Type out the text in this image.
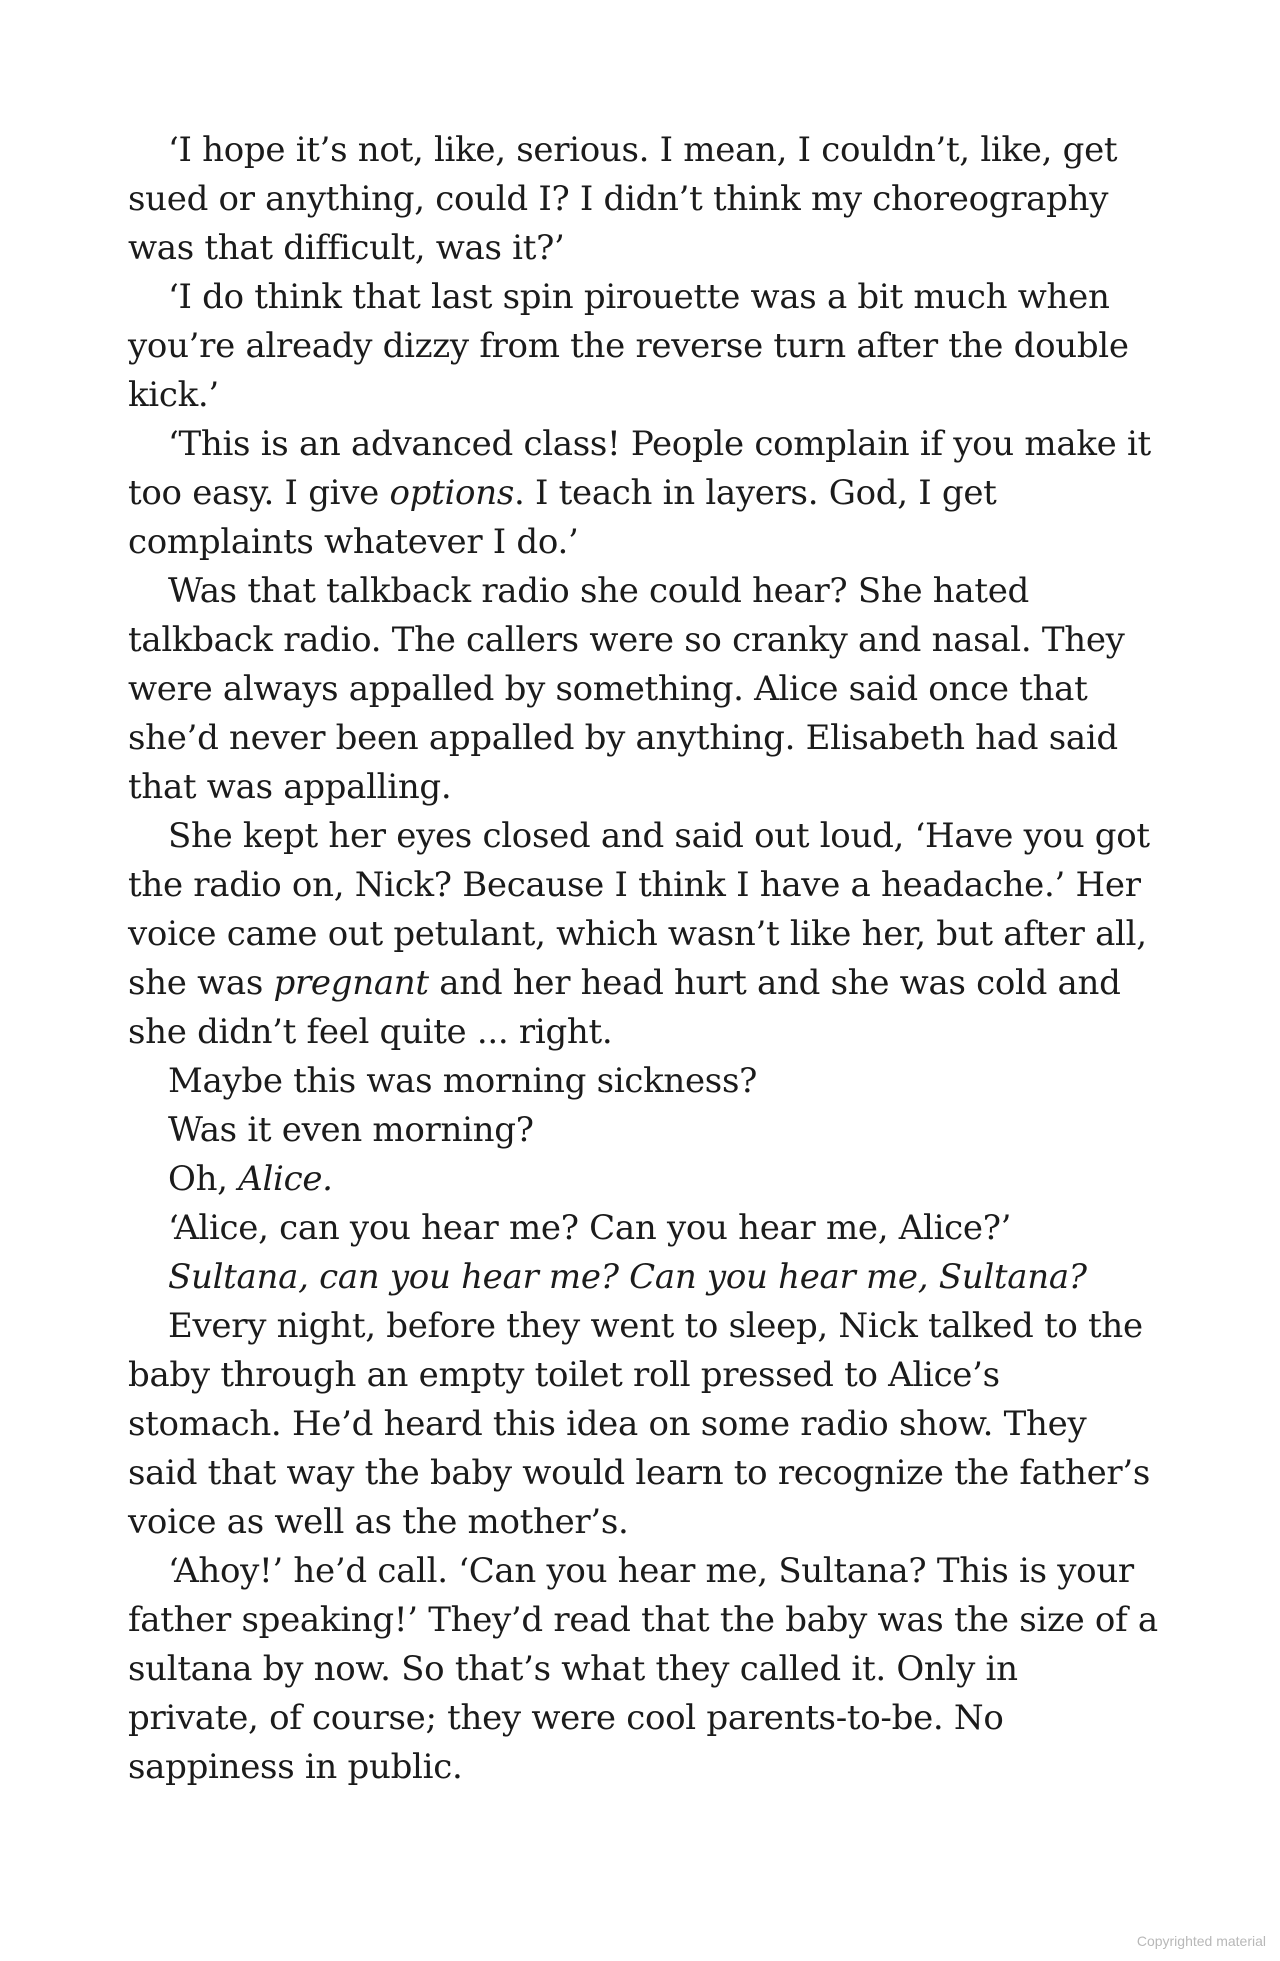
‘I hope it’s not, like, serious. I mean, I couldn’t, like, get sued or anything, could I? I didn’t think my choreography was that difficult, was it?’

‘I do think that last spin pirouette was a bit much when you’re already dizzy from the reverse turn after the double kick.’

‘This is an advanced class! People complain if you make it too easy. I give options. I teach in layers. God, I get complaints whatever I do.’

Was that talkback radio she could hear? She hated talkback radio. The callers were so cranky and nasal. They were always appalled by something. Alice said once that she’d never been appalled by anything. Elisabeth had said that was appalling.

She kept her eyes closed and said out loud, ‘Have you got the radio on, Nick? Because I think I have a headache.’ Her voice came out petulant, which wasn’t like her, but after all, she was pregnant and her head hurt and she was cold and she didn’t feel quite ... right.

Maybe this was morning sickness?

Was it even morning?

Oh, Alice.

‘Alice, can you hear me? Can you hear me, Alice?’

Sultana, can you hear me? Can you hear me, Sultana?

Every night, before they went to sleep, Nick talked to the baby through an empty toilet roll pressed to Alice’s stomach. He’d heard this idea on some radio show. They said that way the baby would learn to recognize the father’s voice as well as the mother’s.

‘Ahoy!’ he’d call. ‘Can you hear me, Sultana? This is your father speaking!’ They’d read that the baby was the size of a sultana by now. So that’s what they called it. Only in private, of course; they were cool parents-to-be. No sappiness in public.

Copyrighted material
